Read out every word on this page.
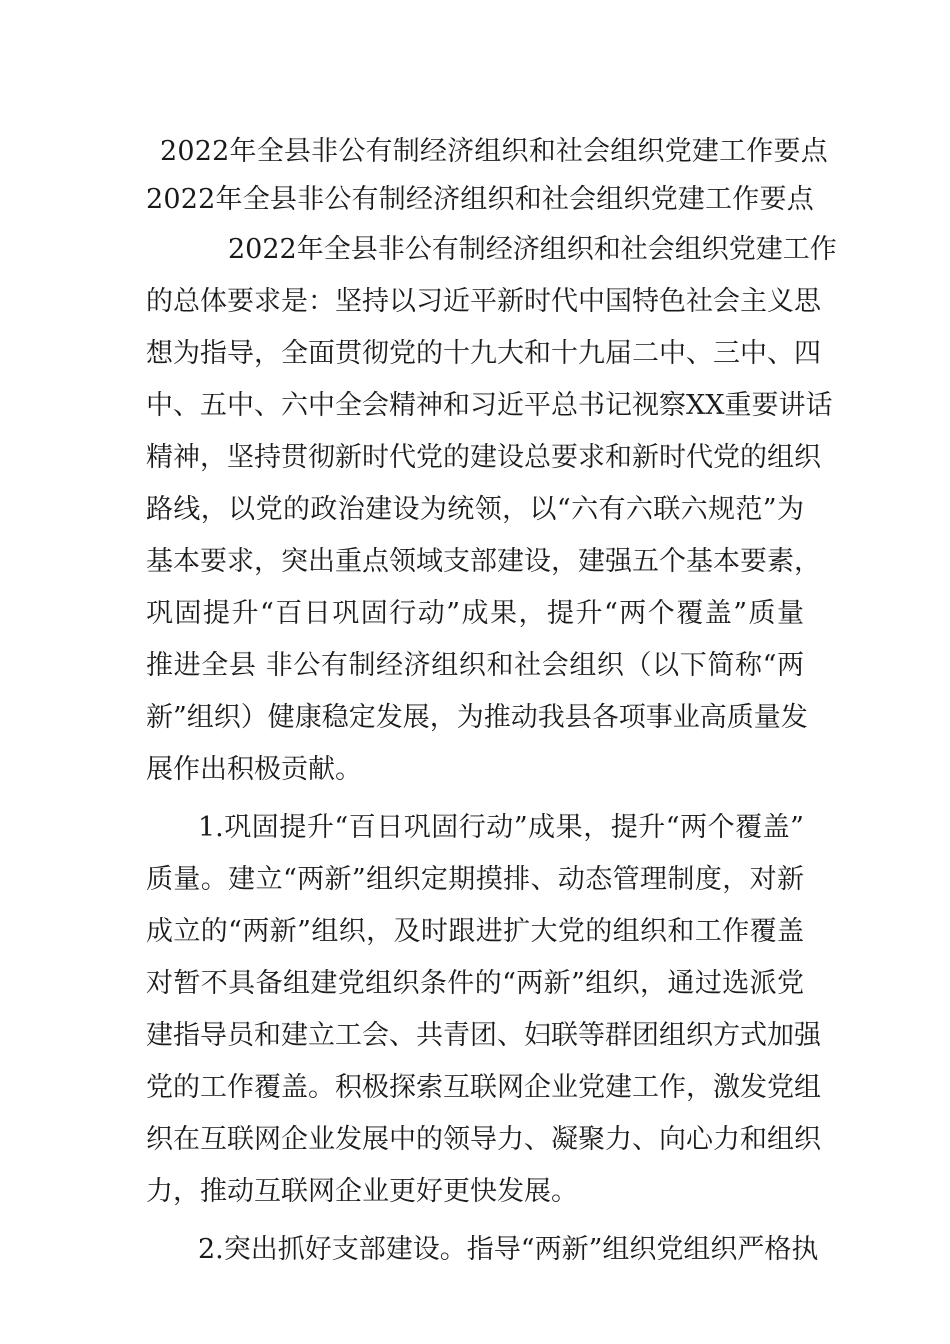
2022年全县非公有制经济组织和社会组织党建工作要点
2022年全县非公有制经济组织和社会组织党建工作要点
2022年全县非公有制经济组织和社会组织党建工作
的总体要求是：坚持以习近平新时代中国特色社会主义思
想为指导，全面贯彻党的十九大和十九届二中、三中、四
中、五中、六中全会精神和习近平总书记视察XX重要讲话
精神，坚持贯彻新时代党的建设总要求和新时代党的组织
路线，以党的政治建设为统领，以“六有六联六规范”为
基本要求，突出重点领域支部建设，建强五个基本要素，
巩固提升“百日巩固行动”成果，提升“两个覆盖”质量
推进全县 非公有制经济组织和社会组织（以下简称“两
新”组织）健康稳定发展，为推动我县各项事业高质量发
展作出积极贡献。
1.巩固提升“百日巩固行动”成果，提升“两个覆盖”
质量。建立“两新”组织定期摸排、动态管理制度，对新
成立的“两新”组织，及时跟进扩大党的组织和工作覆盖
对暂不具备组建党组织条件的“两新”组织，通过选派党
建指导员和建立工会、共青团、妇联等群团组织方式加强
党的工作覆盖。积极探索互联网企业党建工作，激发党组
织在互联网企业发展中的领导力、凝聚力、向心力和组织
力，推动互联网企业更好更快发展。
2.突出抓好支部建设。指导“两新”组织党组织严格执
